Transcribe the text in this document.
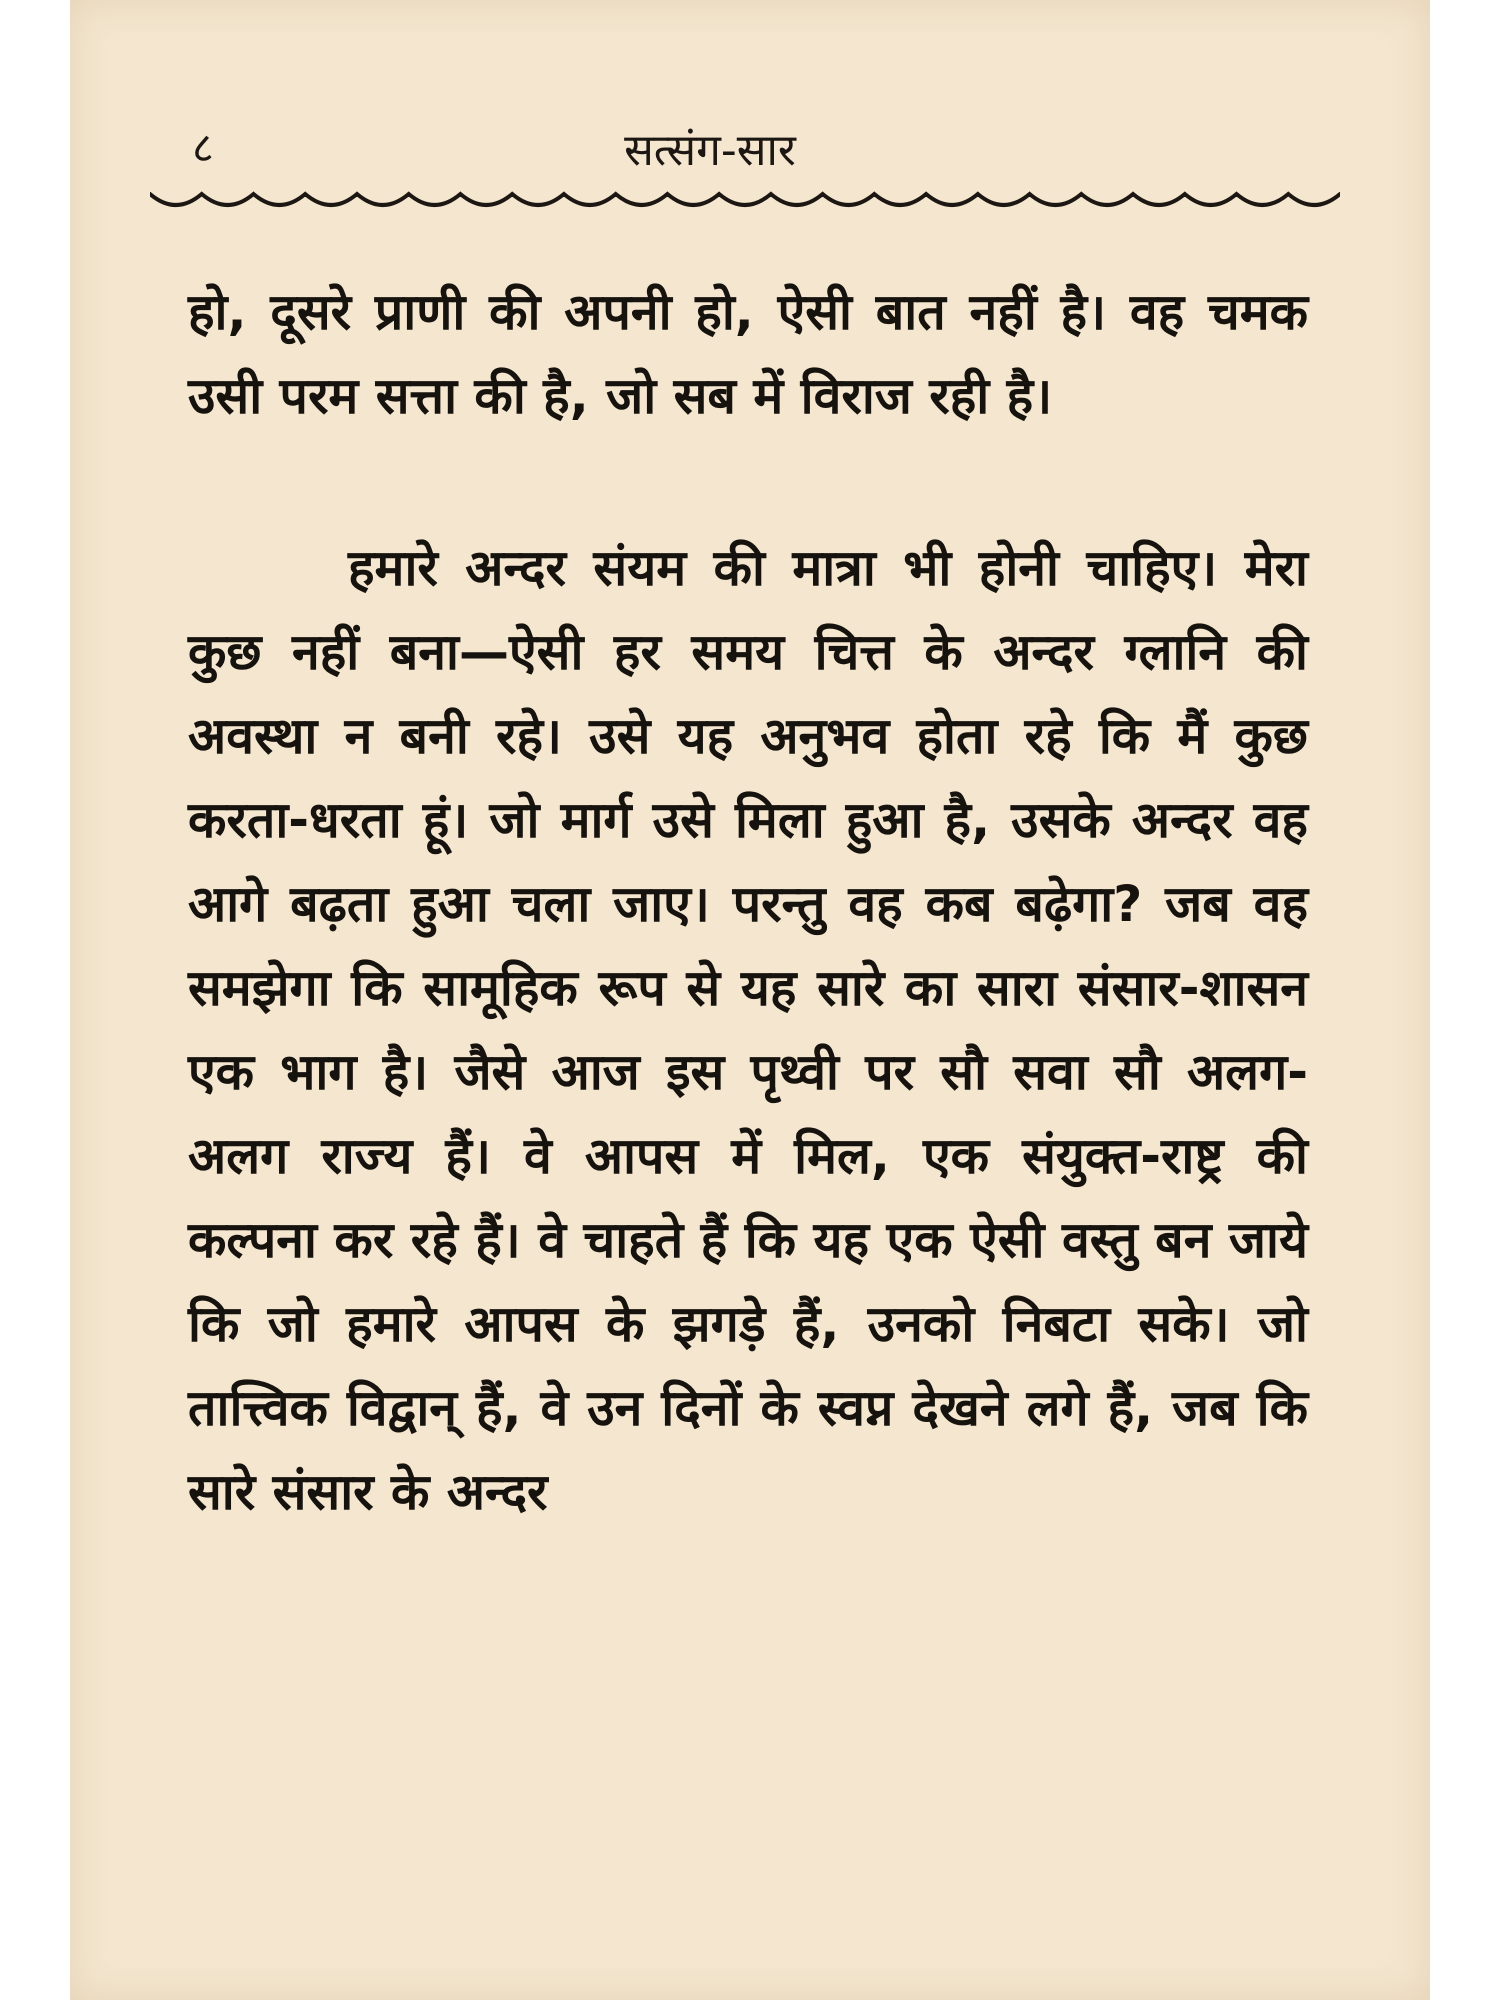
८	सत्संग-सार

हो, दूसरे प्राणी की अपनी हो, ऐसी बात नहीं है। वह चमक उसी परम सत्ता की है, जो सब में विराज रही है।

हमारे अन्दर संयम की मात्रा भी होनी चाहिए। मेरा कुछ नहीं बना—ऐसी हर समय चित्त के अन्दर ग्लानि की अवस्था न बनी रहे। उसे यह अनुभव होता रहे कि मैं कुछ करता-धरता हूं। जो मार्ग उसे मिला हुआ है, उसके अन्दर वह आगे बढ़ता हुआ चला जाए। परन्तु वह कब बढ़ेगा? जब वह समझेगा कि सामूहिक रूप से यह सारे का सारा संसार-शासन एक भाग है। जैसे आज इस पृथ्वी पर सौ सवा सौ अलग-अलग राज्य हैं। वे आपस में मिल, एक संयुक्त-राष्ट्र की कल्पना कर रहे हैं। वे चाहते हैं कि यह एक ऐसी वस्तु बन जाये कि जो हमारे आपस के झगड़े हैं, उनको निबटा सके। जो तात्त्विक विद्वान् हैं, वे उन दिनों के स्वप्न देखने लगे हैं, जब कि सारे संसार के अन्दर
